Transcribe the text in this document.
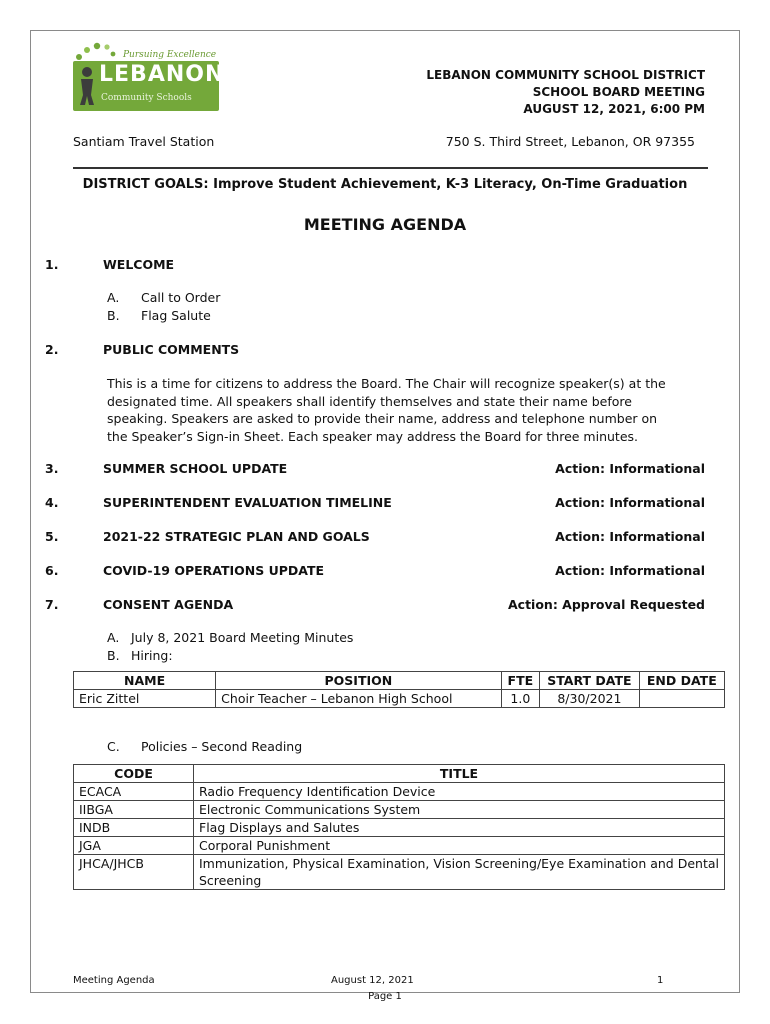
Pursuing Excellence
LEBANON
Community Schools
LEBANON COMMUNITY SCHOOL DISTRICT
SCHOOL BOARD MEETING
AUGUST 12, 2021, 6:00 PM
Santiam Travel Station	750 S. Third Street, Lebanon, OR 97355
DISTRICT GOALS: Improve Student Achievement, K-3 Literacy, On-Time Graduation
MEETING AGENDA
1.	WELCOME
A. Call to Order
B. Flag Salute
2.	PUBLIC COMMENTS
This is a time for citizens to address the Board. The Chair will recognize speaker(s) at the designated time. All speakers shall identify themselves and state their name before speaking. Speakers are asked to provide their name, address and telephone number on the Speaker’s Sign-in Sheet. Each speaker may address the Board for three minutes.
3.	SUMMER SCHOOL UPDATE	Action: Informational
4.	SUPERINTENDENT EVALUATION TIMELINE	Action: Informational
5.	2021-22 STRATEGIC PLAN AND GOALS	Action: Informational
6.	COVID-19 OPERATIONS UPDATE	Action: Informational
7.	CONSENT AGENDA	Action: Approval Requested
A. July 8, 2021 Board Meeting Minutes
B. Hiring:
NAME	POSITION	FTE	START DATE	END DATE
Eric Zittel	Choir Teacher – Lebanon High School	1.0	8/30/2021	
C. Policies – Second Reading
CODE	TITLE
ECACA	Radio Frequency Identification Device
IIBGA	Electronic Communications System
INDB	Flag Displays and Salutes
JGA	Corporal Punishment
JHCA/JHCB	Immunization, Physical Examination, Vision Screening/Eye Examination and Dental Screening
Meeting Agenda	August 12, 2021	1
Page 1
